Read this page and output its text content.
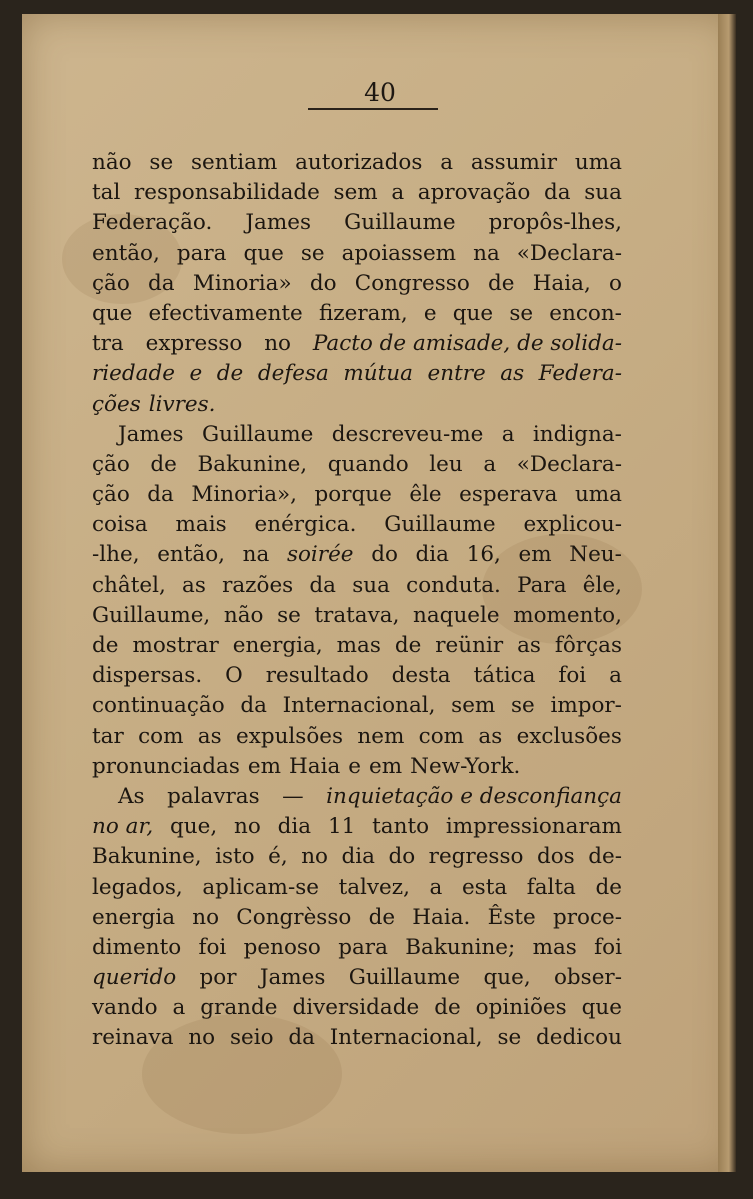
40
não se sentiam autorizados a assumir uma
tal responsabilidade sem a aprovação da sua
Federação. James Guillaume propôs-lhes,
então, para que se apoiassem na «Declara-
ção da Minoria» do Congresso de Haia, o
que efectivamente fizeram, e que se encon-
tra expresso no Pacto de amisade, de solida-
riedade e de defesa mútua entre as Federa-
ções livres.
James Guillaume descreveu-me a indigna-
ção de Bakunine, quando leu a «Declara-
ção da Minoria», porque êle esperava uma
coisa mais enérgica. Guillaume explicou-
-lhe, então, na soirée do dia 16, em Neu-
châtel, as razões da sua conduta. Para êle,
Guillaume, não se tratava, naquele momento,
de mostrar energia, mas de reünir as fôrças
dispersas. O resultado desta tática foi a
continuação da Internacional, sem se impor-
tar com as expulsões nem com as exclusões
pronunciadas em Haia e em New-York.
As palavras — inquietação e desconfiança
no ar, que, no dia 11 tanto impressionaram
Bakunine, isto é, no dia do regresso dos de-
legados, aplicam-se talvez, a esta falta de
energia no Congrèsso de Haia. Êste proce-
dimento foi penoso para Bakunine; mas foi
querido por James Guillaume que, obser-
vando a grande diversidade de opiniões que
reinava no seio da Internacional, se dedicou
